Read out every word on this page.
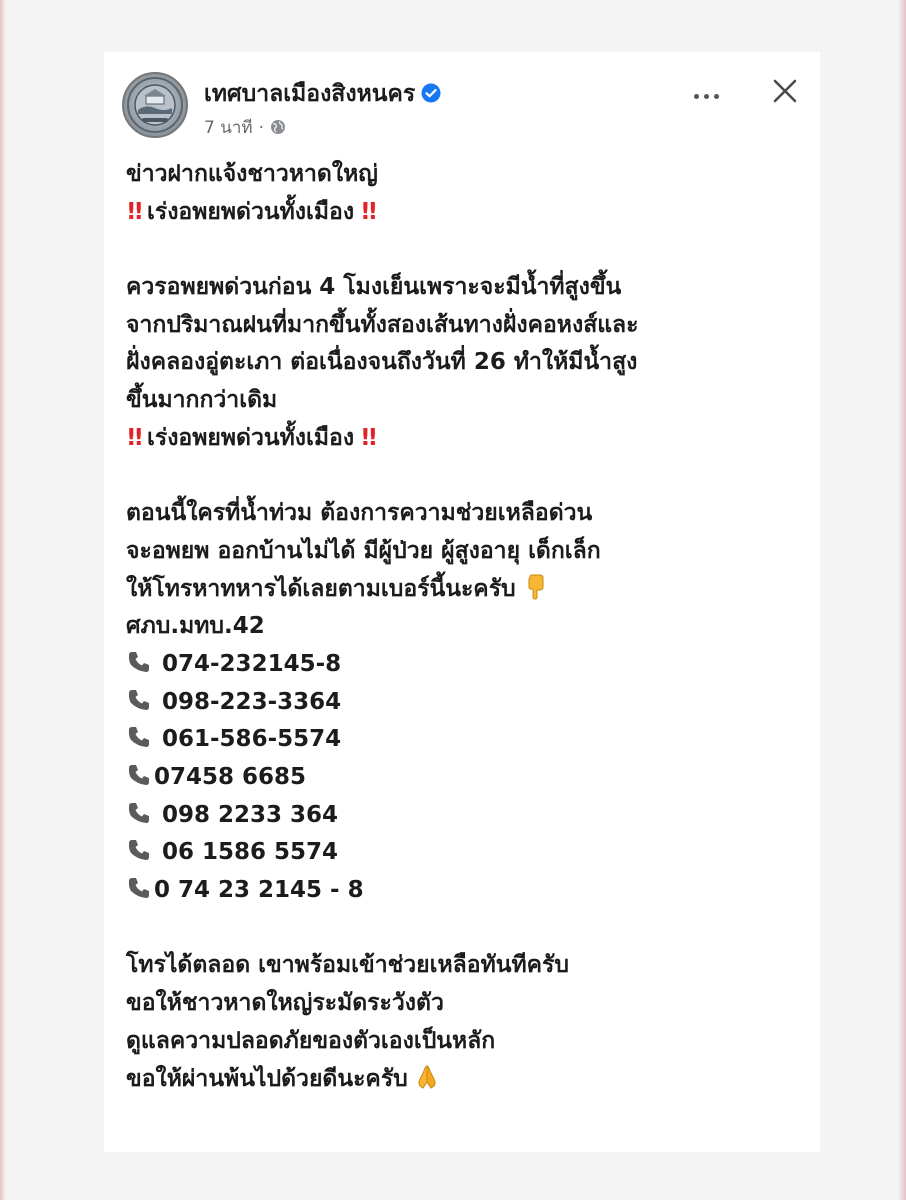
เทศบาลเมืองสิงหนคร
7 นาที ·
ข่าวฝากแจ้งชาวหาดใหญ่
!! เร่งอพยพด่วนทั้งเมือง !!
ควรอพยพด่วนก่อน 4 โมงเย็นเพราะจะมีน้ำที่สูงขึ้น
จากปริมาณฝนที่มากขึ้นทั้งสองเส้นทางฝั่งคอหงส์และ
ฝั่งคลองอู่ตะเภา ต่อเนื่องจนถึงวันที่ 26 ทำให้มีน้ำสูง
ขึ้นมากกว่าเดิม
!! เร่งอพยพด่วนทั้งเมือง !!
ตอนนี้ใครที่น้ำท่วม ต้องการความช่วยเหลือด่วน
จะอพยพ ออกบ้านไม่ได้ มีผู้ป่วย ผู้สูงอายุ เด็กเล็ก
ให้โทรหาทหารได้เลยตามเบอร์นี้นะครับ
ศภบ.มทบ.42
074-232145-8
098-223-3364
061-586-5574
07458 6685
098 2233 364
06 1586 5574
0 74 23 2145 - 8
โทรได้ตลอด เขาพร้อมเข้าช่วยเหลือทันทีครับ
ขอให้ชาวหาดใหญ่ระมัดระวังตัว
ดูแลความปลอดภัยของตัวเองเป็นหลัก
ขอให้ผ่านพ้นไปด้วยดีนะครับ
